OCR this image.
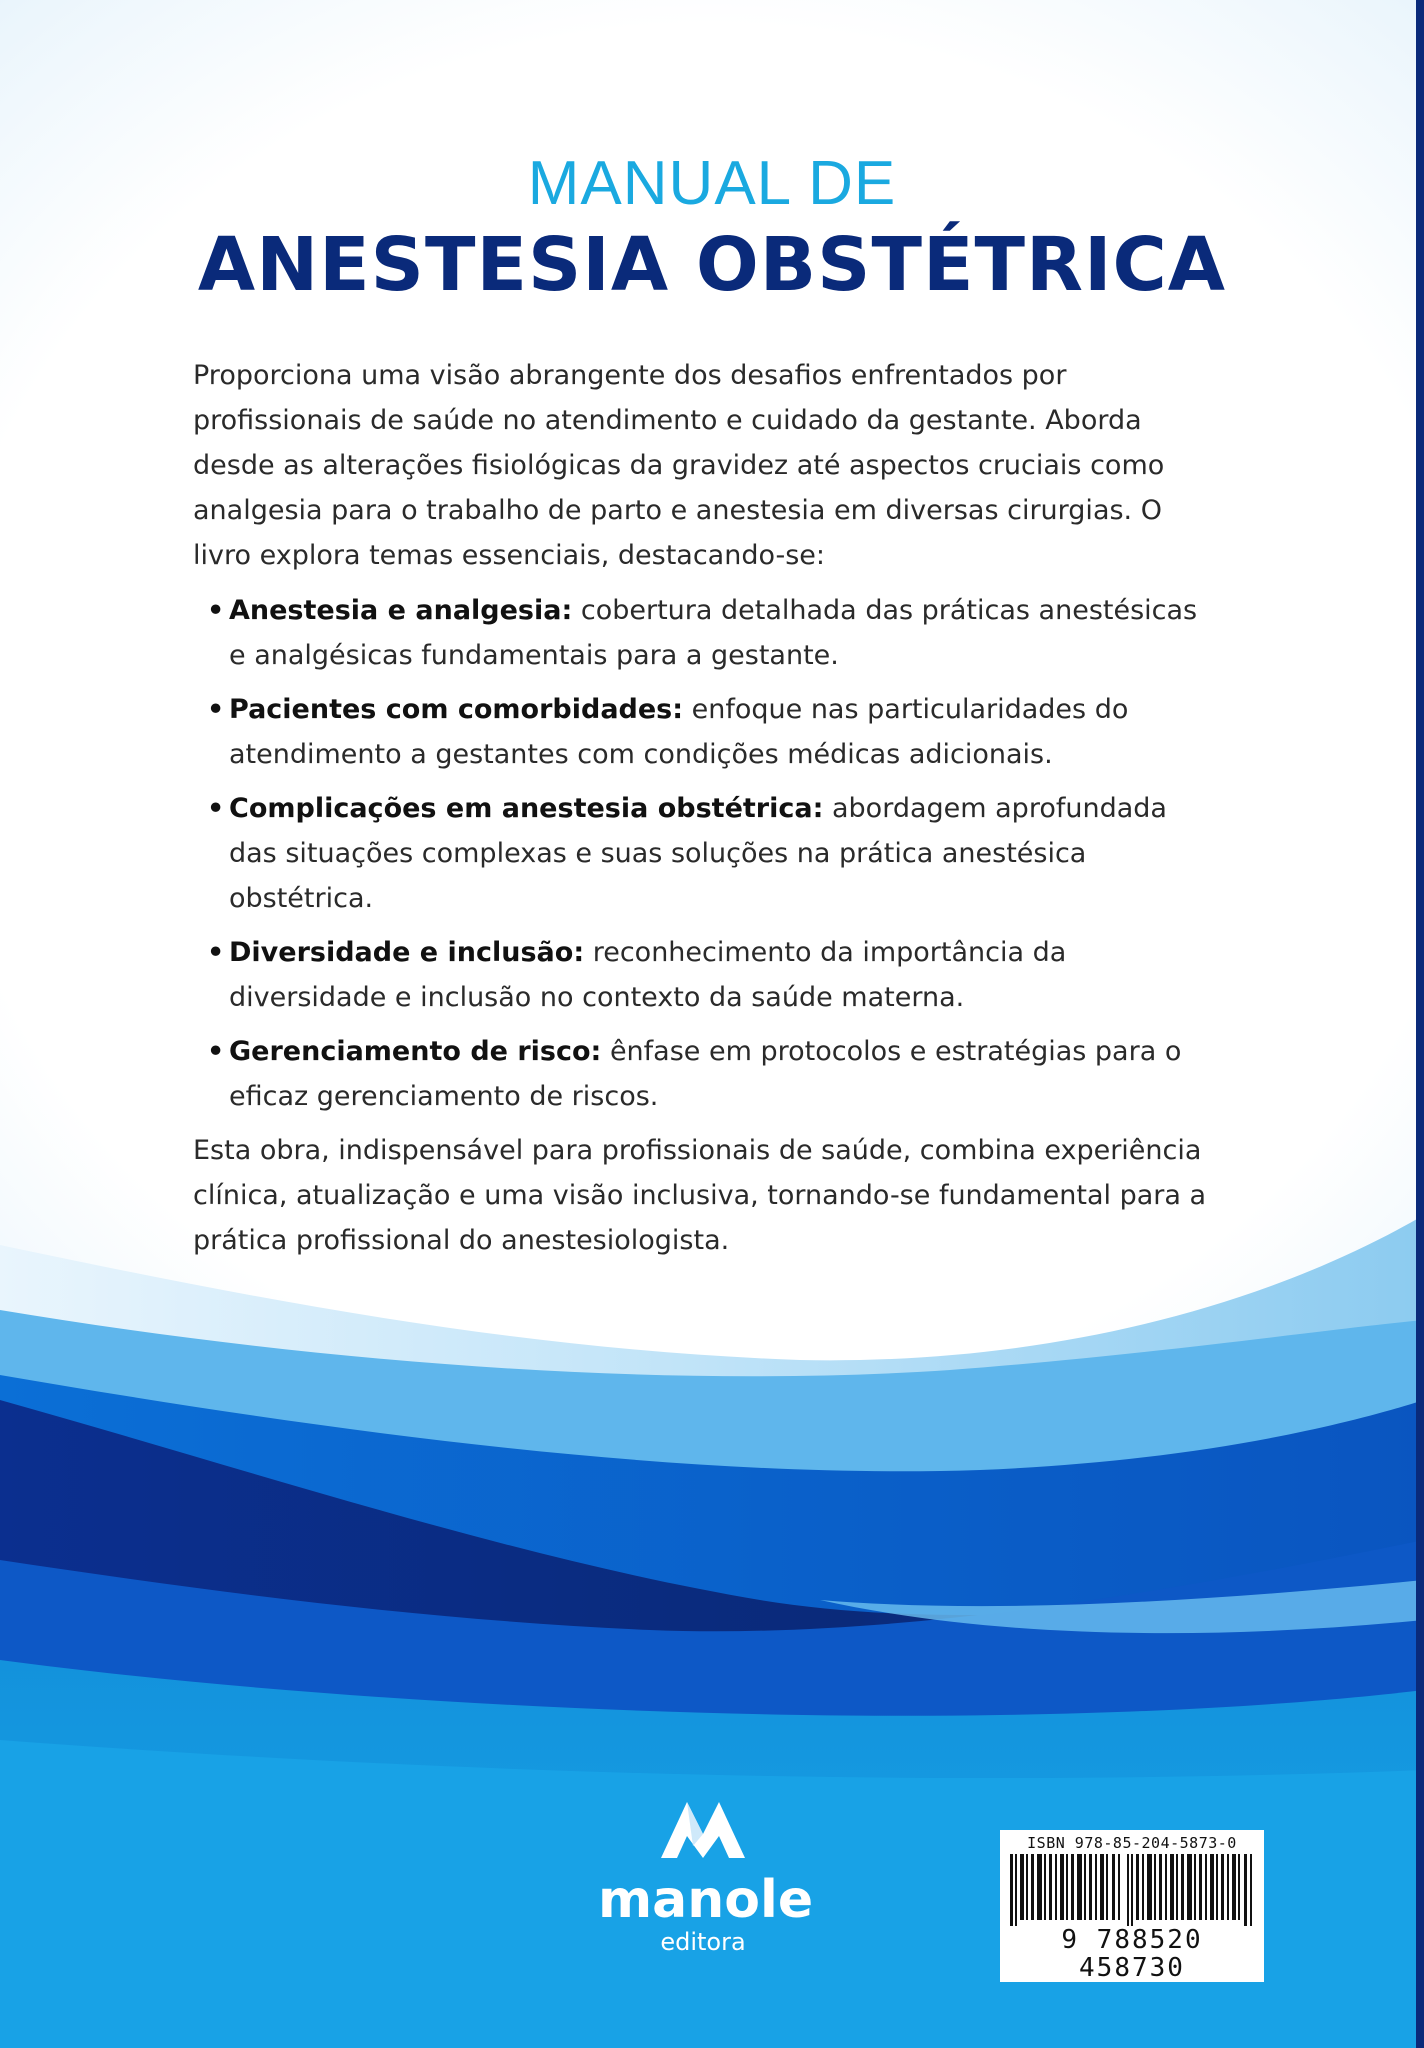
MANUAL DE
ANESTESIA OBSTÉTRICA

Proporciona uma visão abrangente dos desafios enfrentados por profissionais de saúde no atendimento e cuidado da gestante. Aborda desde as alterações fisiológicas da gravidez até aspectos cruciais como analgesia para o trabalho de parto e anestesia em diversas cirurgias. O livro explora temas essenciais, destacando-se:

• Anestesia e analgesia: cobertura detalhada das práticas anestésicas e analgésicas fundamentais para a gestante.
• Pacientes com comorbidades: enfoque nas particularidades do atendimento a gestantes com condições médicas adicionais.
• Complicações em anestesia obstétrica: abordagem aprofundada das situações complexas e suas soluções na prática anestésica obstétrica.
• Diversidade e inclusão: reconhecimento da importância da diversidade e inclusão no contexto da saúde materna.
• Gerenciamento de risco: ênfase em protocolos e estratégias para o eficaz gerenciamento de riscos.

Esta obra, indispensável para profissionais de saúde, combina experiência clínica, atualização e uma visão inclusiva, tornando-se fundamental para a prática profissional do anestesiologista.

manole
editora
ISBN 978-85-204-5873-0
9 788520 458730
